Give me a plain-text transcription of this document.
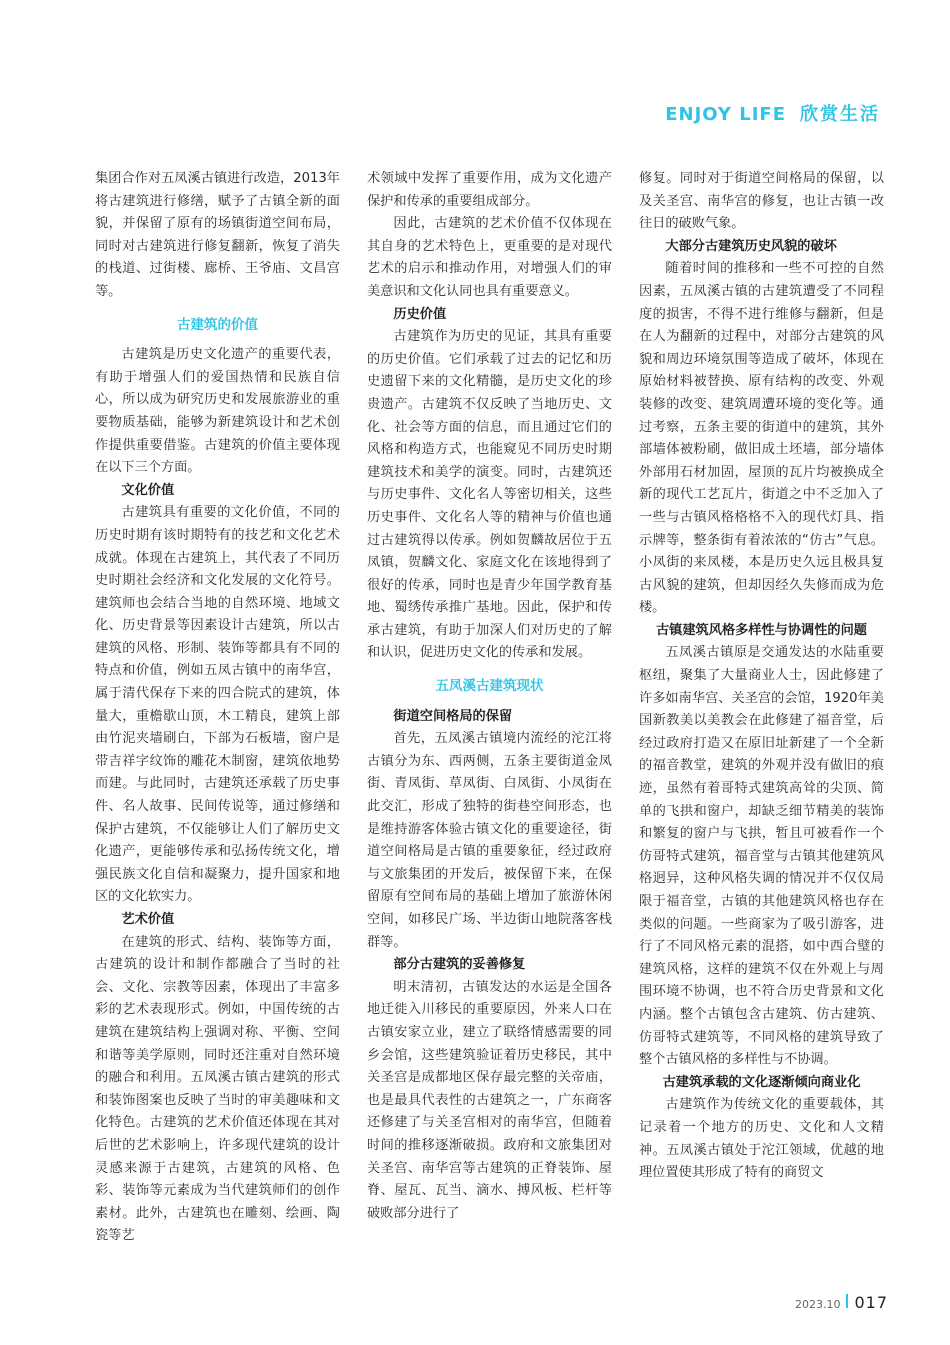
ENJOY LIFE 欣赏生活

集团合作对五凤溪古镇进行改造，2013年将古建筑进行修缮，赋予了古镇全新的面貌，并保留了原有的场镇街道空间布局，同时对古建筑进行修复翻新，恢复了消失的栈道、过街楼、廊桥、王爷庙、文昌宫等。

古建筑的价值

古建筑是历史文化遗产的重要代表，有助于增强人们的爱国热情和民族自信心，所以成为研究历史和发展旅游业的重要物质基础，能够为新建筑设计和艺术创作提供重要借鉴。古建筑的价值主要体现在以下三个方面。

文化价值

古建筑具有重要的文化价值，不同的历史时期有该时期特有的技艺和文化艺术成就。体现在古建筑上，其代表了不同历史时期社会经济和文化发展的文化符号。建筑师也会结合当地的自然环境、地域文化、历史背景等因素设计古建筑，所以古建筑的风格、形制、装饰等都具有不同的特点和价值，例如五凤古镇中的南华宫，属于清代保存下来的四合院式的建筑，体量大，重檐歇山顶，木工精良，建筑上部由竹泥夹墙刷白，下部为石板墙，窗户是带吉祥字纹饰的雕花木制窗，建筑依地势而建。与此同时，古建筑还承载了历史事件、名人故事、民间传说等，通过修缮和保护古建筑，不仅能够让人们了解历史文化遗产，更能够传承和弘扬传统文化，增强民族文化自信和凝聚力，提升国家和地区的文化软实力。

艺术价值

在建筑的形式、结构、装饰等方面，古建筑的设计和制作都融合了当时的社会、文化、宗教等因素，体现出了丰富多彩的艺术表现形式。例如，中国传统的古建筑在建筑结构上强调对称、平衡、空间和谐等美学原则，同时还注重对自然环境的融合和利用。五凤溪古镇古建筑的形式和装饰图案也反映了当时的审美趣味和文化特色。古建筑的艺术价值还体现在其对后世的艺术影响上，许多现代建筑的设计灵感来源于古建筑，古建筑的风格、色彩、装饰等元素成为当代建筑师们的创作素材。此外，古建筑也在雕刻、绘画、陶瓷等艺

术领域中发挥了重要作用，成为文化遗产保护和传承的重要组成部分。

因此，古建筑的艺术价值不仅体现在其自身的艺术特色上，更重要的是对现代艺术的启示和推动作用，对增强人们的审美意识和文化认同也具有重要意义。

历史价值

古建筑作为历史的见证，其具有重要的历史价值。它们承载了过去的记忆和历史遗留下来的文化精髓，是历史文化的珍贵遗产。古建筑不仅反映了当地历史、文化、社会等方面的信息，而且通过它们的风格和构造方式，也能窥见不同历史时期建筑技术和美学的演变。同时，古建筑还与历史事件、文化名人等密切相关，这些历史事件、文化名人等的精神与价值也通过古建筑得以传承。例如贺麟故居位于五凤镇，贺麟文化、家庭文化在该地得到了很好的传承，同时也是青少年国学教育基地、蜀绣传承推广基地。因此，保护和传承古建筑，有助于加深人们对历史的了解和认识，促进历史文化的传承和发展。

五凤溪古建筑现状
街道空间格局的保留

首先，五凤溪古镇境内流经的沱江将古镇分为东、西两侧，五条主要街道金凤街、青凤街、草凤街、白凤街、小凤街在此交汇，形成了独特的街巷空间形态，也是维持游客体验古镇文化的重要途径，街道空间格局是古镇的重要象征，经过政府与文旅集团的开发后，被保留下来，在保留原有空间布局的基础上增加了旅游休闲空间，如移民广场、半边街山地院落客栈群等。

部分古建筑的妥善修复

明末清初，古镇发达的水运是全国各地迁徙入川移民的重要原因，外来人口在古镇安家立业，建立了联络情感需要的同乡会馆，这些建筑验证着历史移民，其中关圣宫是成都地区保存最完整的关帝庙，也是最具代表性的古建筑之一，广东商客还修建了与关圣宫相对的南华宫，但随着时间的推移逐渐破损。政府和文旅集团对关圣宫、南华宫等古建筑的正脊装饰、屋脊、屋瓦、瓦当、滴水、搏风板、栏杆等破败部分进行了

修复。同时对于街道空间格局的保留，以及关圣宫、南华宫的修复，也让古镇一改往日的破败气象。

大部分古建筑历史风貌的破坏

随着时间的推移和一些不可控的自然因素，五凤溪古镇的古建筑遭受了不同程度的损害，不得不进行维修与翻新，但是在人为翻新的过程中，对部分古建筑的风貌和周边环境氛围等造成了破坏，体现在原始材料被替换、原有结构的改变、外观装修的改变、建筑周遭环境的变化等。通过考察，五条主要的街道中的建筑，其外部墙体被粉刷，做旧成土坯墙，部分墙体外部用石材加固，屋顶的瓦片均被换成全新的现代工艺瓦片，街道之中不乏加入了一些与古镇风格格格不入的现代灯具、指示牌等，整条街有着浓浓的“仿古”气息。小凤街的来凤楼，本是历史久远且极具复古风貌的建筑，但却因经久失修而成为危楼。

古镇建筑风格多样性与协调性的问题

五凤溪古镇原是交通发达的水陆重要枢纽，聚集了大量商业人士，因此修建了许多如南华宫、关圣宫的会馆，1920年美国新教美以美教会在此修建了福音堂，后经过政府打造又在原旧址新建了一个全新的福音教堂，建筑的外观并没有做旧的痕迹，虽然有着哥特式建筑高耸的尖顶、简单的飞拱和窗户，却缺乏细节精美的装饰和繁复的窗户与飞拱，暂且可被看作一个仿哥特式建筑，福音堂与古镇其他建筑风格迥异，这种风格失调的情况并不仅仅局限于福音堂，古镇的其他建筑风格也存在类似的问题。一些商家为了吸引游客，进行了不同风格元素的混搭，如中西合璧的建筑风格，这样的建筑不仅在外观上与周围环境不协调，也不符合历史背景和文化内涵。整个古镇包含古建筑、仿古建筑、仿哥特式建筑等，不同风格的建筑导致了整个古镇风格的多样性与不协调。

古建筑承载的文化逐渐倾向商业化

古建筑作为传统文化的重要载体，其记录着一个地方的历史、文化和人文精神。五凤溪古镇处于沱江领域，优越的地理位置使其形成了特有的商贸文

2023.10 017
